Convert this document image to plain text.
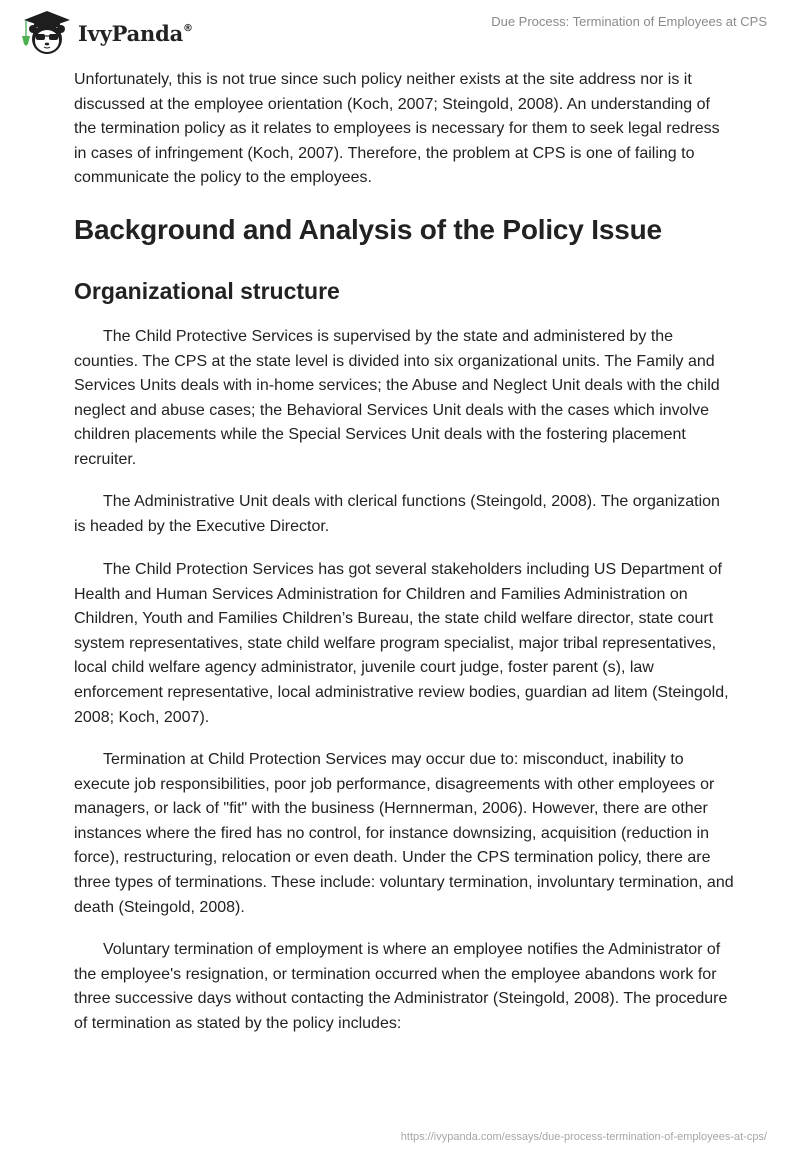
IvyPanda®	Due Process: Termination of Employees at CPS

Unfortunately, this is not true since such policy neither exists at the site address nor is it discussed at the employee orientation (Koch, 2007; Steingold, 2008). An understanding of the termination policy as it relates to employees is necessary for them to seek legal redress in cases of infringement (Koch, 2007). Therefore, the problem at CPS is one of failing to communicate the policy to the employees.

Background and Analysis of the Policy Issue
Organizational structure

The Child Protective Services is supervised by the state and administered by the counties. The CPS at the state level is divided into six organizational units. The Family and Services Units deals with in-home services; the Abuse and Neglect Unit deals with the child neglect and abuse cases; the Behavioral Services Unit deals with the cases which involve children placements while the Special Services Unit deals with the fostering placement recruiter.

The Administrative Unit deals with clerical functions (Steingold, 2008). The organization is headed by the Executive Director.

The Child Protection Services has got several stakeholders including US Department of Health and Human Services Administration for Children and Families Administration on Children, Youth and Families Children’s Bureau, the state child welfare director, state court system representatives, state child welfare program specialist, major tribal representatives, local child welfare agency administrator, juvenile court judge, foster parent (s), law enforcement representative, local administrative review bodies, guardian ad litem (Steingold, 2008; Koch, 2007).

Termination at Child Protection Services may occur due to: misconduct, inability to execute job responsibilities, poor job performance, disagreements with other employees or managers, or lack of "fit" with the business (Hernnerman, 2006). However, there are other instances where the fired has no control, for instance downsizing, acquisition (reduction in force), restructuring, relocation or even death. Under the CPS termination policy, there are three types of terminations. These include: voluntary termination, involuntary termination, and death (Steingold, 2008).

Voluntary termination of employment is where an employee notifies the Administrator of the employee's resignation, or termination occurred when the employee abandons work for three successive days without contacting the Administrator (Steingold, 2008). The procedure of termination as stated by the policy includes:

https://ivypanda.com/essays/due-process-termination-of-employees-at-cps/
